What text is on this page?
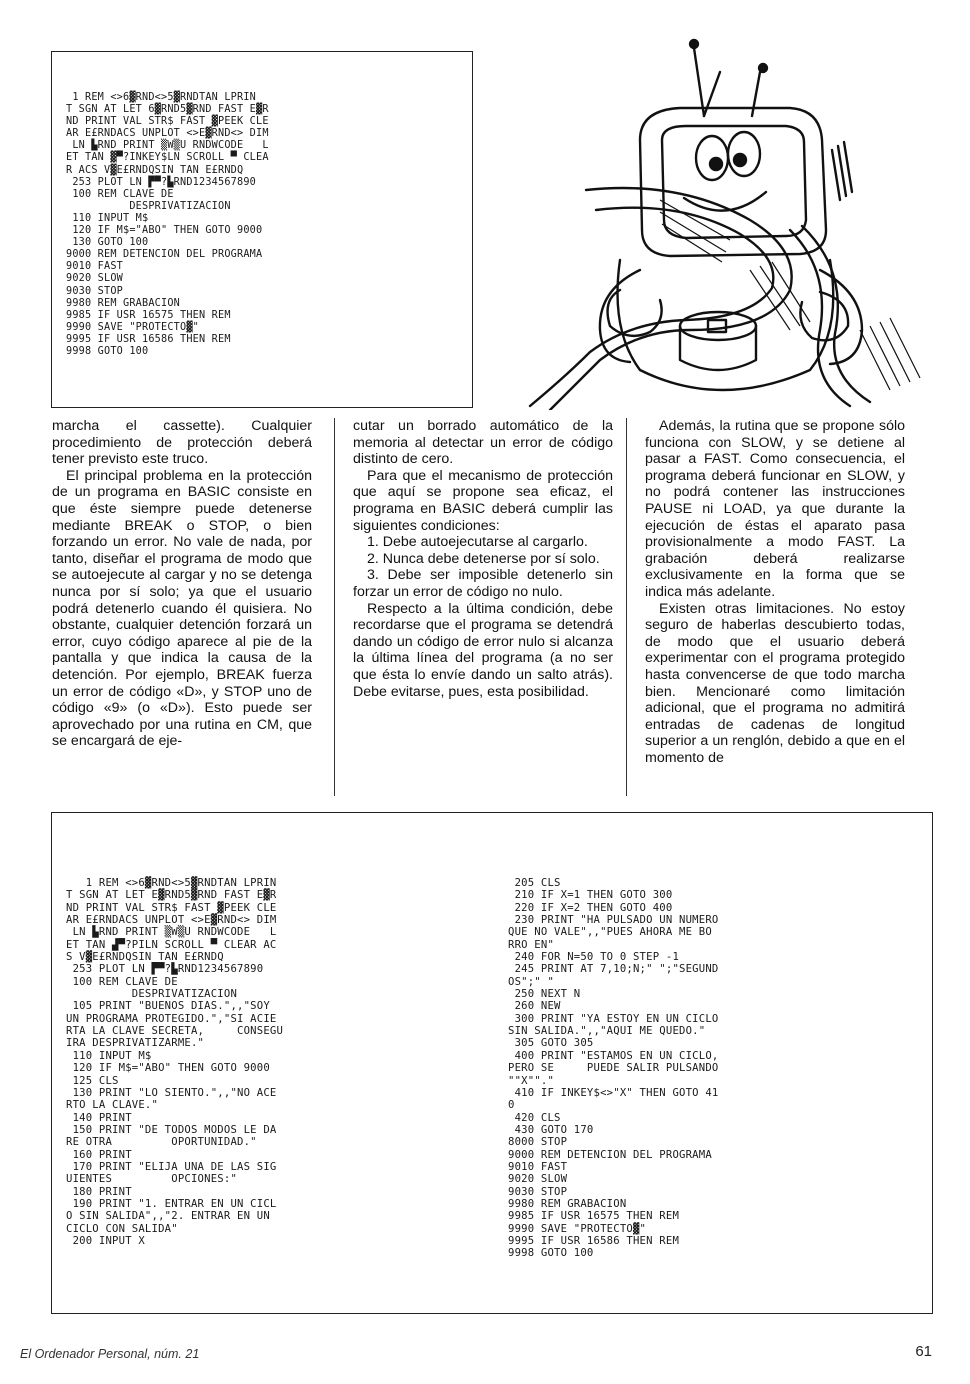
1 REM <>6▓RND<>5▓RNDTAN LPRIN
T SGN AT LET 6▓RND5▓RND FAST E▓R
ND PRINT VAL STR$ FAST ▓PEEK CLE
AR E£RNDACS UNPLOT <>E▓RND<> DIM
LN ▙RND PRINT ▒W▒U RNDWCODE   L
ET TAN ▓▀?INKEY$LN SCROLL ▀ CLEA
R ACS V▓E£RNDQSIN TAN E£RNDQ
253 PLOT LN ▛▀?▙RND1234567890
100 REM CLAVE DE
DESPRIVATIZACION
110 INPUT M$
120 IF M$="ABO" THEN GOTO 9000
130 GOTO 100
9000 REM DETENCION DEL PROGRAMA
9010 FAST
9020 SLOW
9030 STOP
9980 REM GRABACION
9985 IF USR 16575 THEN REM
9990 SAVE "PROTECTO▓"
9995 IF USR 16586 THEN REM
9998 GOTO 100

marcha el cassette). Cualquier procedimiento de protección deberá tener previsto este truco.

El principal problema en la protección de un programa en BASIC consiste en que éste siempre puede detenerse mediante BREAK o STOP, o bien forzando un error. No vale de nada, por tanto, diseñar el programa de modo que se autoejecute al cargar y no se detenga nunca por sí solo; ya que el usuario podrá detenerlo cuando él quisiera. No obstante, cualquier detención forzará un error, cuyo código aparece al pie de la pantalla y que indica la causa de la detención. Por ejemplo, BREAK fuerza un error de código «D», y STOP uno de código «9» (o «D»). Esto puede ser aprovechado por una rutina en CM, que se encargará de eje-

cutar un borrado automático de la memoria al detectar un error de código distinto de cero.

Para que el mecanismo de protección que aquí se propone sea eficaz, el programa en BASIC deberá cumplir las siguientes condiciones:

1. Debe autoejecutarse al cargarlo.

2. Nunca debe detenerse por sí solo.

3. Debe ser imposible detenerlo sin forzar un error de código no nulo.

Respecto a la última condición, debe recordarse que el programa se detendrá dando un código de error nulo si alcanza la última línea del programa (a no ser que ésta lo envíe dando un salto atrás). Debe evitarse, pues, esta posibilidad.

Además, la rutina que se propone sólo funciona con SLOW, y se detiene al pasar a FAST. Como consecuencia, el programa deberá funcionar en SLOW, y no podrá contener las instrucciones PAUSE ni LOAD, ya que durante la ejecución de éstas el aparato pasa provisionalmente a modo FAST. La grabación deberá realizarse exclusivamente en la forma que se indica más adelante.

Existen otras limitaciones. No estoy seguro de haberlas descubierto todas, de modo que el usuario deberá experimentar con el programa protegido hasta convencerse de que todo marcha bien. Mencionaré como limitación adicional, que el programa no admitirá entradas de cadenas de longitud superior a un renglón, debido a que en el momento de

1 REM <>6▓RND<>5▓RNDTAN LPRIN
T SGN AT LET E▓RND5▓RND FAST E▓R
ND PRINT VAL STR$ FAST ▓PEEK CLE
AR E£RNDACS UNPLOT <>E▓RND<> DIM
LN ▙RND PRINT ▒W▒U RNDWCODE   L
ET TAN ▟▀?PILN SCROLL ▀ CLEAR AC
S V▓E£RNDQSIN TAN E£RNDQ
253 PLOT LN ▛▀?▙RND1234567890
100 REM CLAVE DE
DESPRIVATIZACION
105 PRINT "BUENOS DIAS.",,"SOY
UN PROGRAMA PROTEGIDO.","SI ACIE
RTA LA CLAVE SECRETA,     CONSEGU
IRA DESPRIVATIZARME."
110 INPUT M$
120 IF M$="ABO" THEN GOTO 9000
125 CLS
130 PRINT "LO SIENTO.",,"NO ACE
RTO LA CLAVE."
140 PRINT
150 PRINT "DE TODOS MODOS LE DA
RE OTRA         OPORTUNIDAD."
160 PRINT
170 PRINT "ELIJA UNA DE LAS SIG
UIENTES         OPCIONES:"
180 PRINT
190 PRINT "1. ENTRAR EN UN CICL
O SIN SALIDA",,"2. ENTRAR EN UN
CICLO CON SALIDA"
200 INPUT X
205 CLS
210 IF X=1 THEN GOTO 300
220 IF X=2 THEN GOTO 400
230 PRINT "HA PULSADO UN NUMERO
QUE NO VALE",,"PUES AHORA ME BO
RRO EN"
240 FOR N=50 TO 0 STEP -1
245 PRINT AT 7,10;N;" ";"SEGUND
OS";" "
250 NEXT N
260 NEW
300 PRINT "YA ESTOY EN UN CICLO
SIN SALIDA.",,"AQUI ME QUEDO."
305 GOTO 305
400 PRINT "ESTAMOS EN UN CICLO,
PERO SE     PUEDE SALIR PULSANDO
""X""."
410 IF INKEY$<>"X" THEN GOTO 41
0
420 CLS
430 GOTO 170
8000 STOP
9000 REM DETENCION DEL PROGRAMA
9010 FAST
9020 SLOW
9030 STOP
9980 REM GRABACION
9985 IF USR 16575 THEN REM
9990 SAVE "PROTECTO▓"
9995 IF USR 16586 THEN REM
9998 GOTO 100
El Ordenador Personal, núm. 21	61
